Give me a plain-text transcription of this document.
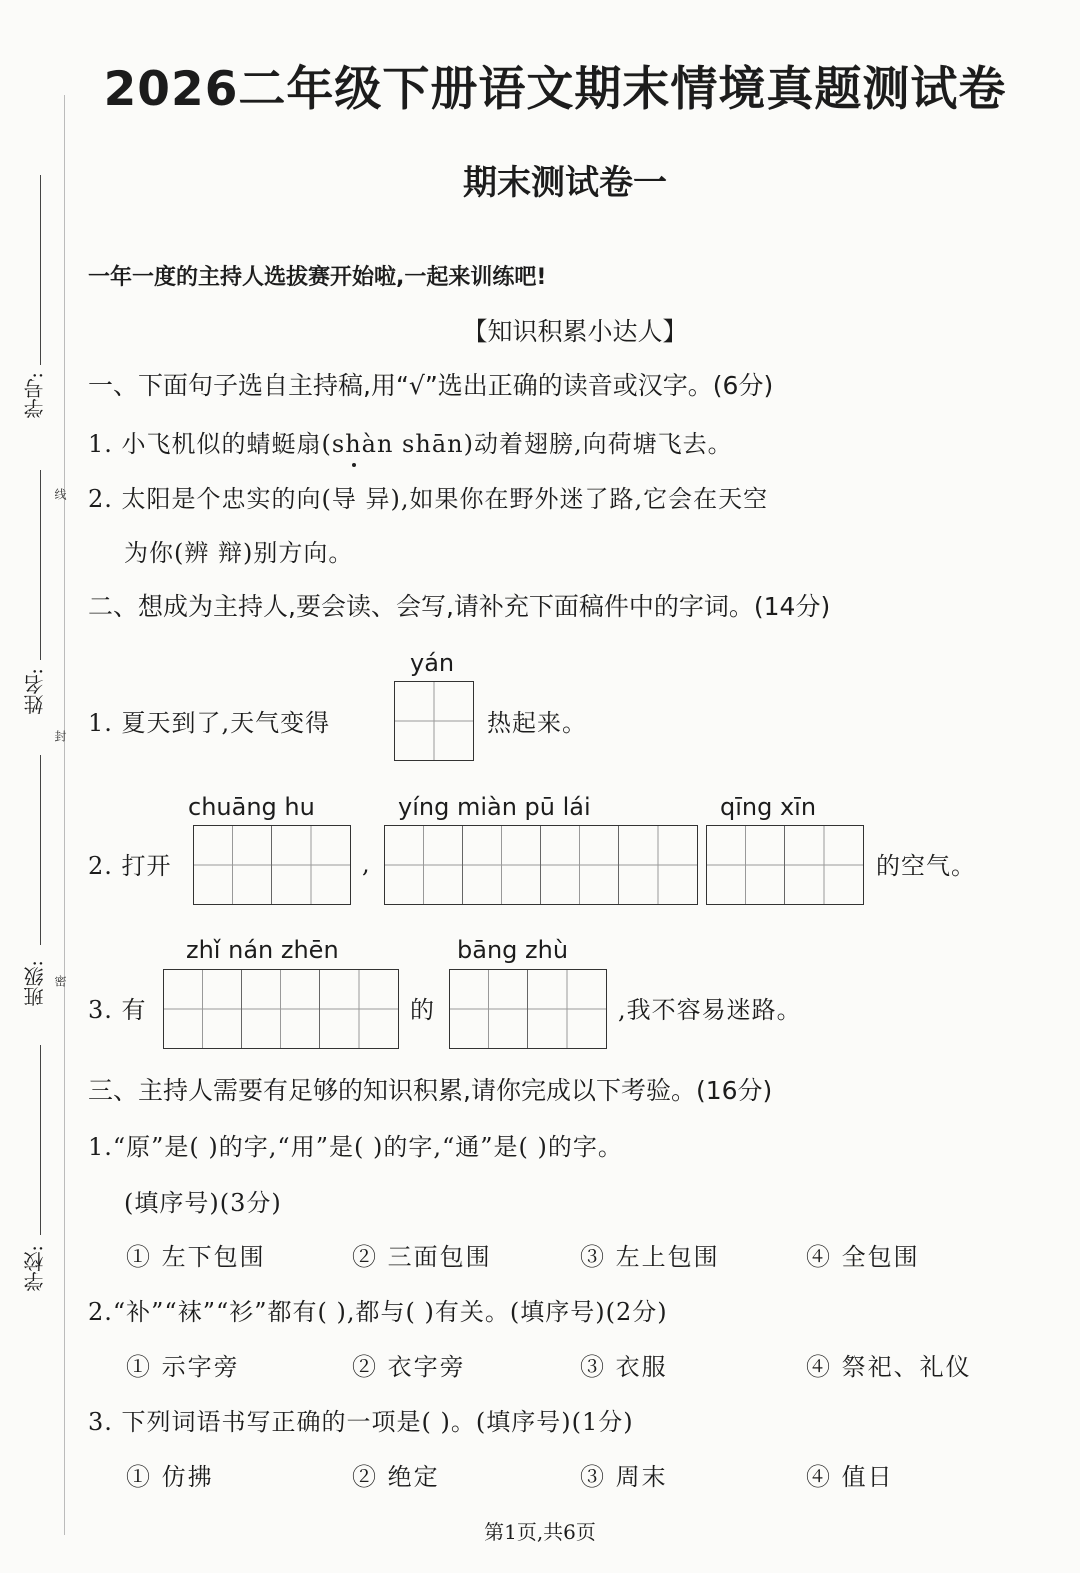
学号:
线
姓名:
封
班级: 密
学校:
2026二年级下册语文期末情境真题测试卷
期末测试卷一
一年一度的主持人选拔赛开始啦,一起来训练吧!
【知识积累小达人】
一、下面句子选自主持稿,用“√”选出正确的读音或汉字。(6分)
1. 小飞机似的蜻蜓扇(shàn shān)动着翅膀,向荷塘飞去。
2. 太阳是个忠实的向(导 异),如果你在野外迷了路,它会在天空
为你(辨 辩)别方向。
二、想成为主持人,要会读、会写,请补充下面稿件中的字词。(14分)
yán
1. 夏天到了,天气变得	热起来。
chuāng hu	yíng miàn pū lái	qīng xīn
2. 打开	,	的空气。
zhǐ nán zhēn	bāng zhù
3. 有	的	,我不容易迷路。
三、主持人需要有足够的知识积累,请你完成以下考验。(16分)
1.“原”是( )的字,“用”是( )的字,“通”是( )的字。
(填序号)(3分)
① 左下包围	② 三面包围	③ 左上包围	④ 全包围
2.“补”“袜”“衫”都有( ),都与( )有关。(填序号)(2分)
① 示字旁	② 衣字旁	③ 衣服	④ 祭祀、礼仪
3. 下列词语书写正确的一项是( )。(填序号)(1分)
① 仿拂	② 绝定	③ 周末	④ 值日
第1页,共6页
